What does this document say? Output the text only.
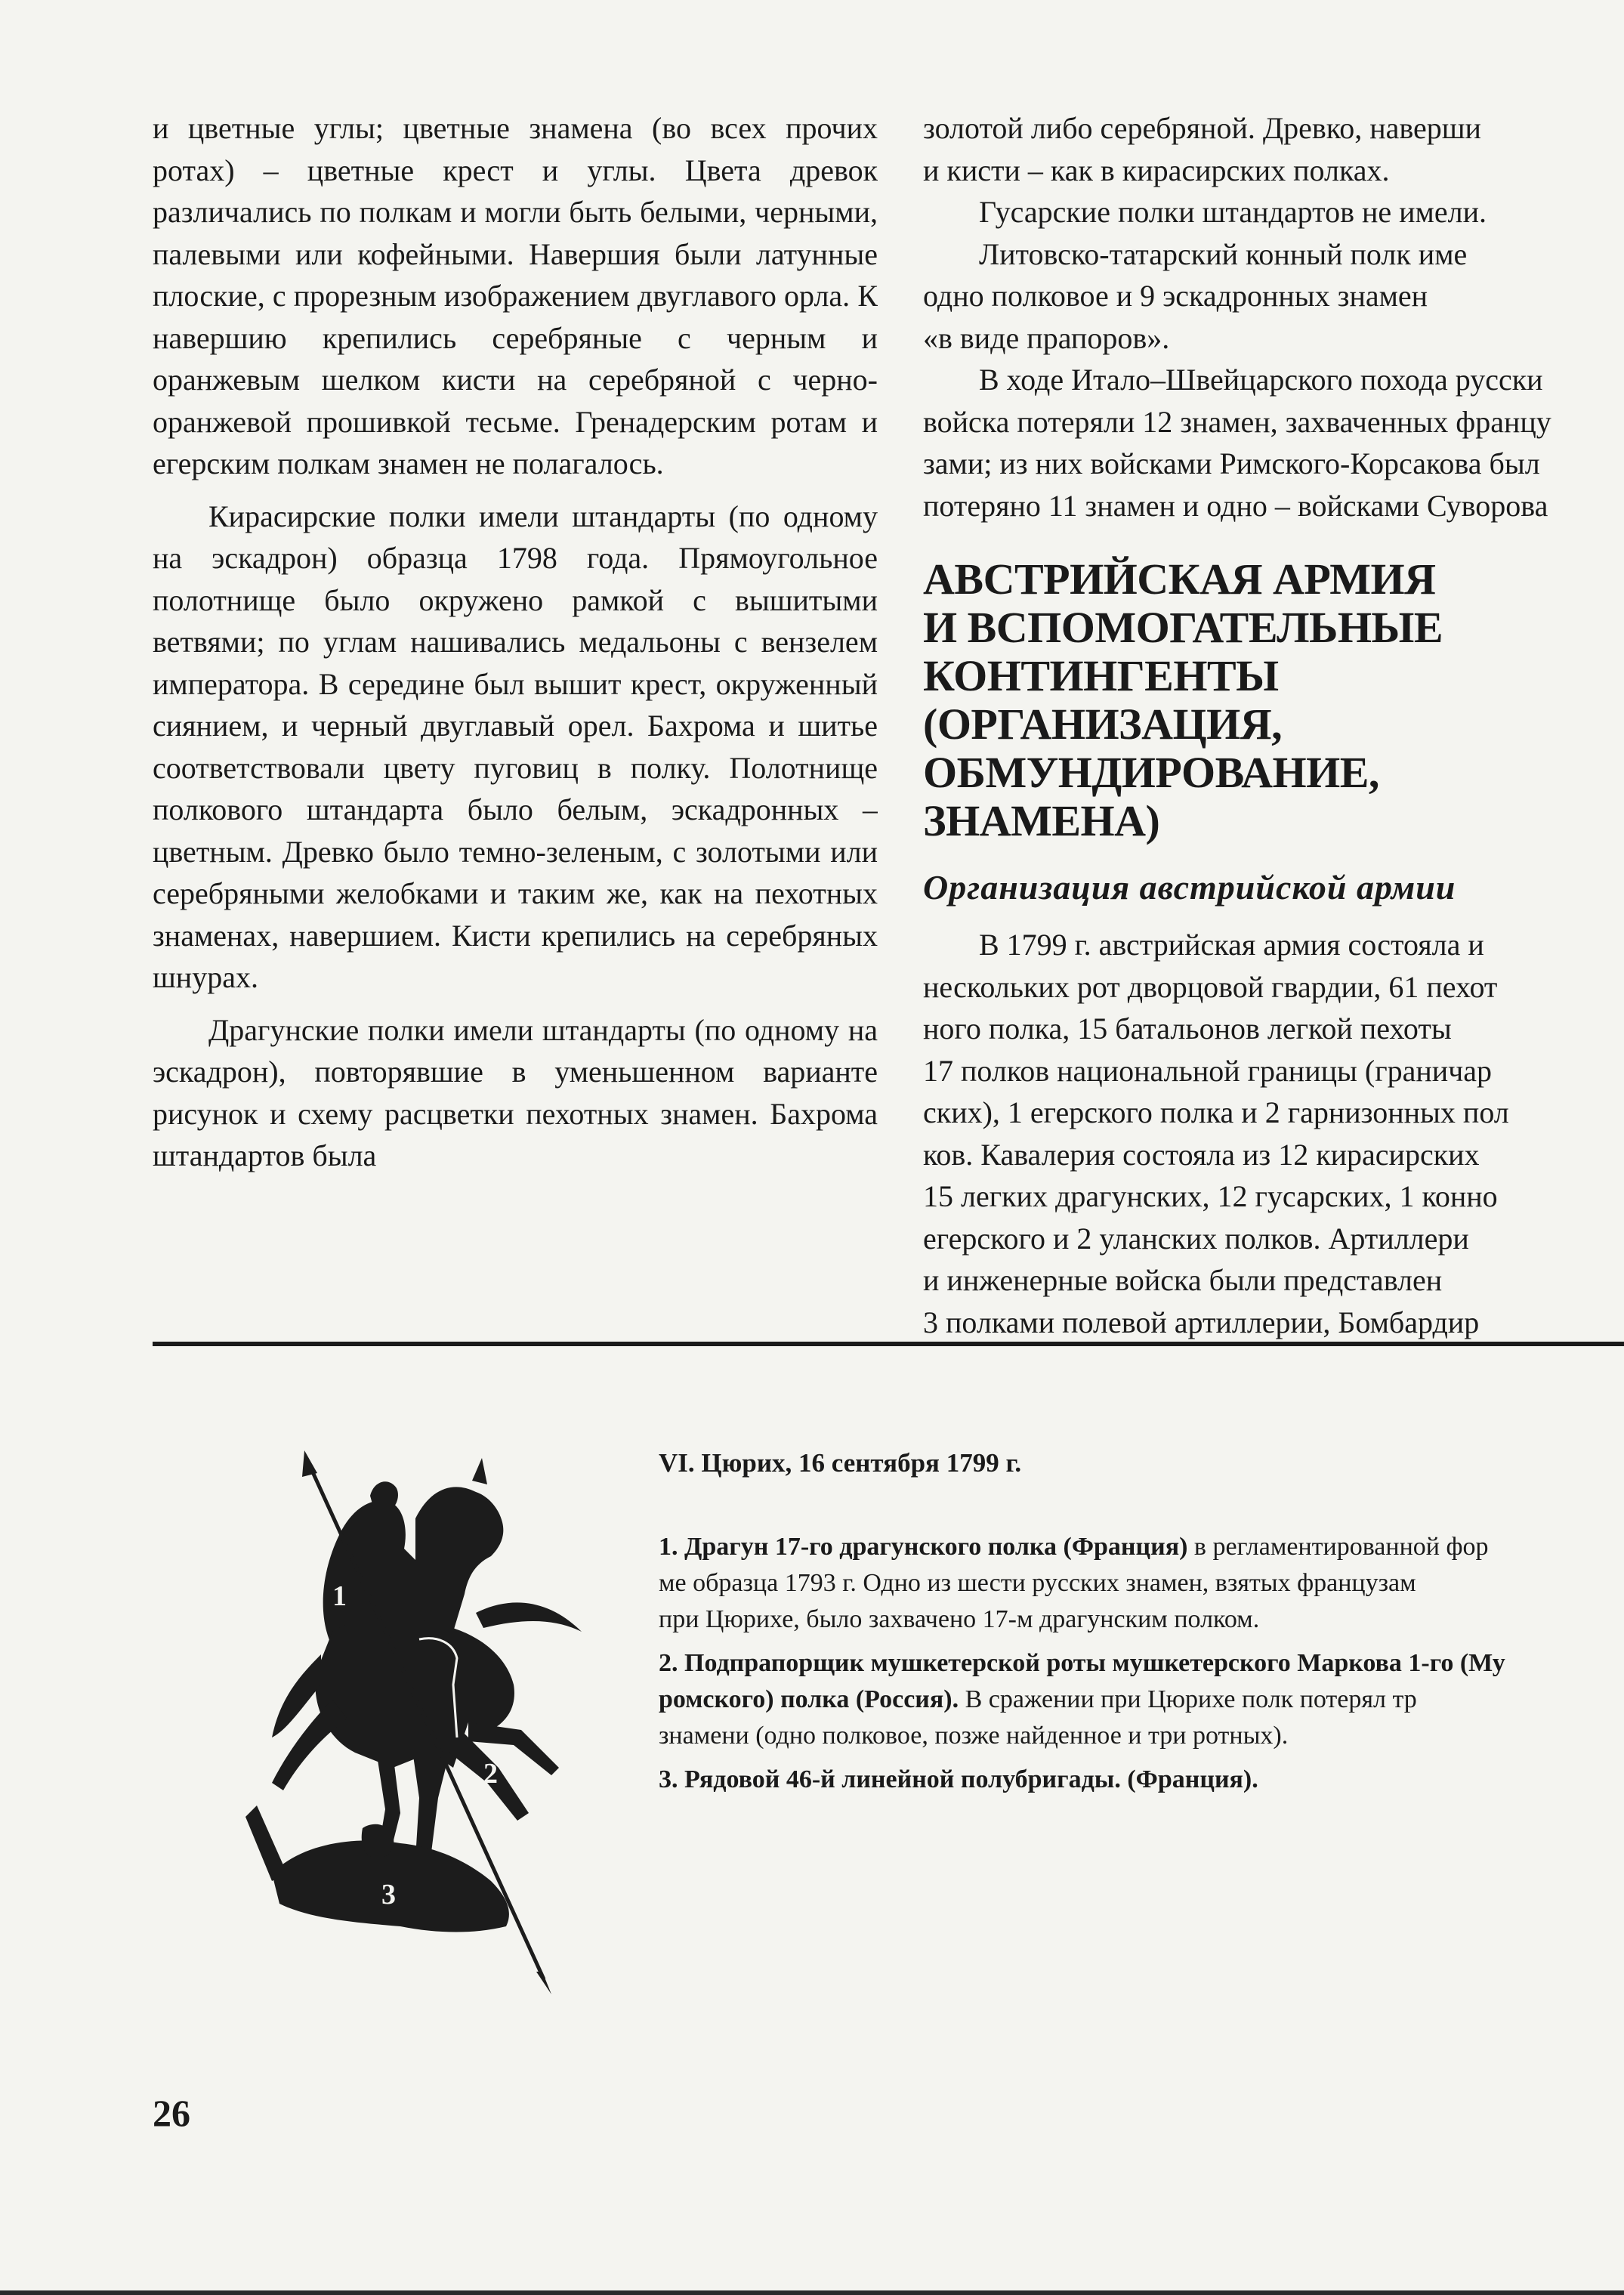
и цветные углы; цветные знамена (во всех прочих ротах) – цветные крест и углы. Цвета древок различались по полкам и могли быть белыми, черными, палевыми или кофейными. Навершия были латунные плоские, с прорезным изображением двуглавого орла. К навершию крепились серебряные с черным и оранжевым шелком кисти на серебряной с черно-оранжевой прошивкой тесьме. Гренадерским ротам и егерским полкам знамен не полагалось.

Кирасирские полки имели штандарты (по одному на эскадрон) образца 1798 года. Прямоугольное полотнище было окружено рамкой с вышитыми ветвями; по углам нашивались медальоны с вензелем императора. В середине был вышит крест, окруженный сиянием, и черный двуглавый орел. Бахрома и шитье соответствовали цвету пуговиц в полку. Полотнище полкового штандарта было белым, эскадронных – цветным. Древко было темно-зеленым, с золотыми или серебряными желобками и таким же, как на пехотных знаменах, навершием. Кисти крепились на серебряных шнурах.

Драгунские полки имели штандарты (по одному на эскадрон), повторявшие в уменьшенном варианте рисунок и схему расцветки пехотных знамен. Бахрома штандартов была

золотой либо серебряной. Древко, наверши

и кисти – как в кирасирских полках.

Гусарские полки штандартов не имели.

Литовско-татарский конный полк име

одно полковое и 9 эскадронных знамен

«в виде прапоров».

В ходе Итало–Швейцарского похода русски

войска потеряли 12 знамен, захваченных францу

зами; из них войсками Римского-Корсакова был

потеряно 11 знамен и одно – войсками Суворова

АВСТРИЙСКАЯ АРМИЯ
И ВСПОМОГАТЕЛЬНЫЕ
КОНТИНГЕНТЫ
(ОРГАНИЗАЦИЯ,
ОБМУНДИРОВАНИЕ,
ЗНАМЕНА)
Организация австрийской армии

В 1799 г. австрийская армия состояла и

нескольких рот дворцовой гвардии, 61 пехот

ного полка, 15 батальонов легкой пехоты

17 полков национальной границы (граничар

ских), 1 егерского полка и 2 гарнизонных пол

ков. Кавалерия состояла из 12 кирасирских

15 легких драгунских, 12 гусарских, 1 конно

егерского и 2 уланских полков. Артиллери

и инженерные войска были представлен

3 полками полевой артиллерии, Бомбардир

1
2
3
VI. Цюрих, 16 сентября 1799 г.

1. Драгун 17-го драгунского полка (Франция) в регламентированной фор
ме образца 1793 г. Одно из шести русских знамен, взятых французам
при Цюрихе, было захвачено 17-м драгунским полком.

2. Подпрапорщик мушкетерской роты мушкетерского Маркова 1-го (Му
ромского) полка (Россия). В сражении при Цюрихе полк потерял тр
знамени (одно полковое, позже найденное и три ротных).

3. Рядовой 46-й линейной полубригады. (Франция).

26
